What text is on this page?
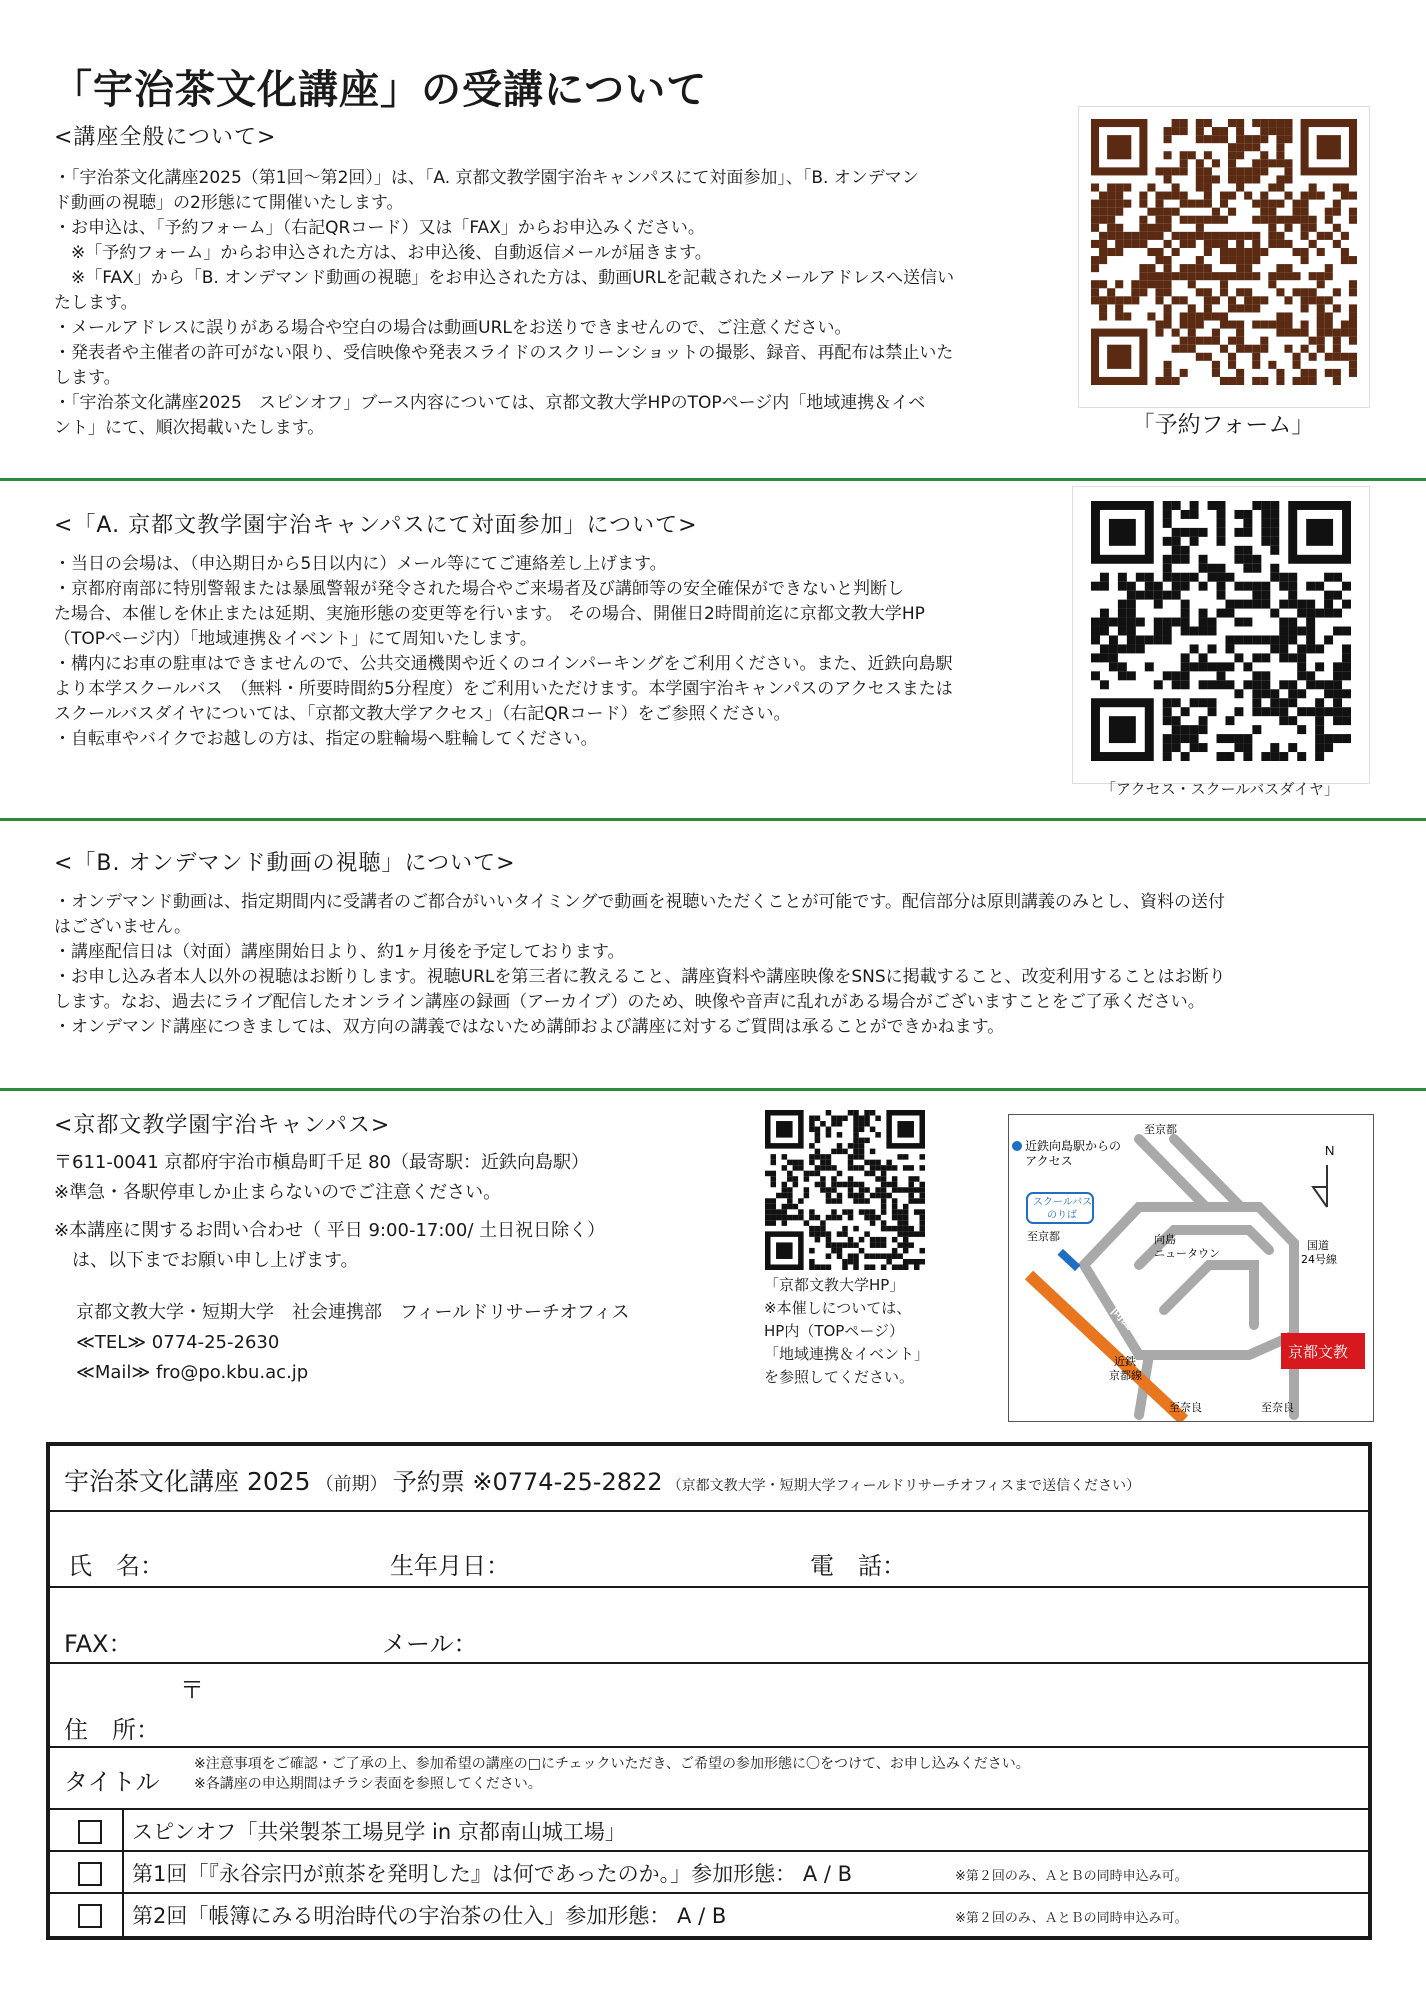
「宇治茶文化講座」の受講について
<講座全般について>
・「宇治茶文化講座2025（第1回～第2回）」は、「A. 京都文教学園宇治キャンパスにて対面参加」、「B. オンデマン
ド動画の視聴」の2形態にて開催いたします。
・お申込は、「予約フォーム」（右記QRコード）又は「FAX」からお申込みください。
　※「予約フォーム」からお申込された方は、お申込後、自動返信メールが届きます。
　※「FAX」から「B. オンデマンド動画の視聴」をお申込された方は、動画URLを記載されたメールアドレスへ送信い
たします。
・メールアドレスに誤りがある場合や空白の場合は動画URLをお送りできませんので、ご注意ください。
・発表者や主催者の許可がない限り、受信映像や発表スライドのスクリーンショットの撮影、録音、再配布は禁止いた
します。
・「宇治茶文化講座2025　スピンオフ」ブース内容については、京都文教大学HPのTOPページ内「地域連携＆イベ
ント」にて、順次掲載いたします。	「予約フォーム」
<「A. 京都文教学園宇治キャンパスにて対面参加」について>
・当日の会場は、（申込期日から5日以内に）メール等にてご連絡差し上げます。
・京都府南部に特別警報または暴風警報が発令された場合やご来場者及び講師等の安全確保ができないと判断し
た場合、本催しを休止または延期、実施形態の変更等を行います。 その場合、開催日2時間前迄に京都文教大学HP
（TOPページ内）「地域連携＆イベント」にて周知いたします。
・構内にお車の駐車はできませんので、公共交通機関や近くのコインパーキングをご利用ください。また、近鉄向島駅
より本学スクールバス　（無料・所要時間約5分程度）をご利用いただけます。本学園宇治キャンパスのアクセスまたは
スクールバスダイヤについては、「京都文教大学アクセス」（右記QRコード）をご参照ください。
・自転車やバイクでお越しの方は、指定の駐輪場へ駐輪してください。
「アクセス・スクールバスダイヤ」
<「B. オンデマンド動画の視聴」について>
・オンデマンド動画は、指定期間内に受講者のご都合がいいタイミングで動画を視聴いただくことが可能です。配信部分は原則講義のみとし、資料の送付
はございません。
・講座配信日は（対面）講座開始日より、約1ヶ月後を予定しております。
・お申し込み者本人以外の視聴はお断りします。視聴URLを第三者に教えること、講座資料や講座映像をSNSに掲載すること、改変利用することはお断り
します。なお、過去にライブ配信したオンライン講座の録画（アーカイブ）のため、映像や音声に乱れがある場合がございますことをご了承ください。
・オンデマンド講座につきましては、双方向の講義ではないため講師および講座に対するご質問は承ることができかねます。
<京都文教学園宇治キャンパス>
〒611-0041 京都府宇治市槇島町千足 80（最寄駅：近鉄向島駅）
※準急・各駅停車しか止まらないのでご注意ください。
※本講座に関するお問い合わせ（ 平日 9:00-17:00/ 土日祝日除く）
　は、以下までお願い申し上げます。
京都文教大学・短期大学　社会連携部　フィールドリサーチオフィス
≪TEL≫ 0774-25-2630
≪Mail≫ fro@po.kbu.ac.jp
「京都文教大学HP」
※本催しについては、
HP内（TOPページ）
「地域連携＆イベント」
を参照してください。
N
近鉄向島駅からの
アクセス
至京都
スクールバス
のりば
至京都	向島
ニュータウン
国道
24号線
向島駅
近鉄
京都線
至奈良	至奈良
京都文教
宇治茶文化講座 2025 （前期） 予約票 ※0774-25-2822 （京都文教大学・短期大学フィールドリサーチオフィスまで送信ください）
氏　名：	生年月日：	電　話：
FAX：	メール：
〒
住　所：
タイトル
※注意事項をご確認・ご了承の上、参加希望の講座の□にチェックいただき、ご希望の参加形態に〇をつけて、お申し込みください。
※各講座の申込期間はチラシ表面を参照してください。
スピンオフ「共栄製茶工場見学 in 京都南山城工場」
第1回「『永谷宗円が煎茶を発明した』は何であったのか。」参加形態： A / B	※第２回のみ、ＡとＢの同時申込み可。
第2回「帳簿にみる明治時代の宇治茶の仕入」参加形態： A / B	※第２回のみ、ＡとＢの同時申込み可。
